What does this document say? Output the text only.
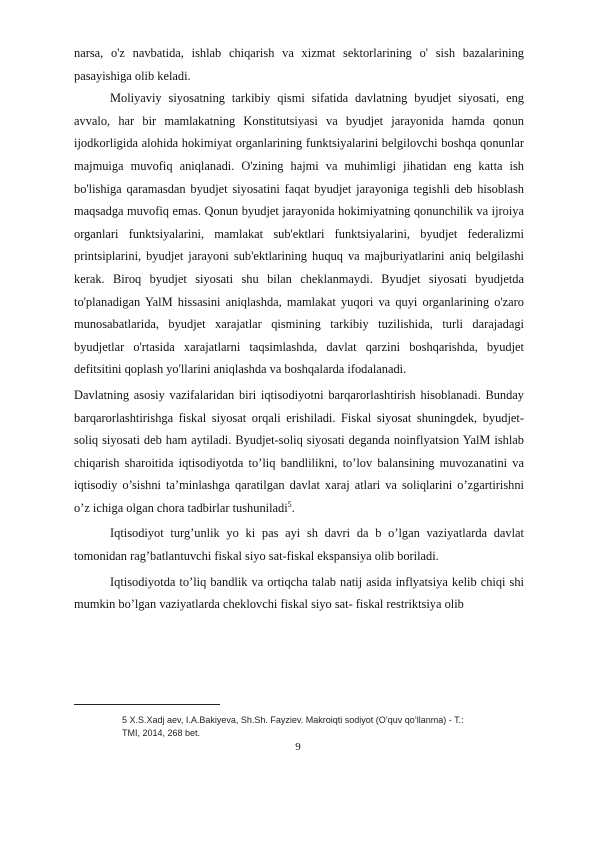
narsa, o'z navbatida, ishlab chiqarish va xizmat sektorlarining o' sish bazalarining pasayishiga olib keladi.

Moliyaviy siyosatning tarkibiy qismi sifatida davlatning byudjet siyosati, eng avvalo, har bir mamlakatning Konstitutsiyasi va byudjet jarayonida hamda qonun ijodkorligida alohida hokimiyat organlarining funktsiyalarini belgilovchi boshqa qonunlar majmuiga muvofiq aniqlanadi. O'zining hajmi va muhimligi jihatidan eng katta ish bo'lishiga qaramasdan byudjet siyosatini faqat byudjet jarayoniga tegishli deb hisoblash maqsadga muvofiq emas. Qonun byudjet jarayonida hokimiyatning qonunchilik va ijroiya organlari funktsiyalarini, mamlakat sub'ektlari funktsiyalarini, byudjet federalizmi printsiplarini, byudjet jarayoni sub'ektlarining huquq va majburiyatlarini aniq belgilashi kerak. Biroq byudjet siyosati shu bilan cheklanmaydi. Byudjet siyosati byudjetda to'planadigan YalM hissasini aniqlashda, mamlakat yuqori va quyi organlarining o'zaro munosabatlarida, byudjet xarajatlar qismining tarkibiy tuzilishida, turli darajadagi byudjetlar o'rtasida xarajatlarni taqsimlashda, davlat qarzini boshqarishda, byudjet defitsitini qoplash yo'llarini aniqlashda va boshqalarda ifodalanadi.

Davlatning asosiy vazifalaridan biri iqtisodiyotni barqarorlashtirish hisoblanadi. Bunday barqarorlashtirishga fiskal siyosat orqali erishiladi. Fiskal siyosat shuningdek, byudjet-soliq siyosati deb ham aytiladi. Byudjet-soliq siyosati deganda noinflyatsion YalM ishlab chiqarish sharoitida iqtisodiyotda to’liq bandlilikni, to’lov balansining muvozanatini va iqtisodiy o’sishni ta’minlashga qaratilgan davlat xaraj atlari va soliqlarini o’zgartirishni o’z ichiga olgan chora tadbirlar tushuniladi$^5$.

Iqtisodiyot turg’unlik yo ki pas ayi sh davri da b o’lgan vaziyatlarda davlat tomonidan rag’batlantuvchi fiskal siyo sat-fiskal ekspansiya olib boriladi.

Iqtisodiyotda to’liq bandlik va ortiqcha talab natij asida inflyatsiya kelib chiqi shi mumkin bo’lgan vaziyatlarda cheklovchi fiskal siyo sat- fiskal restriktsiya olib

5 X.S.Xadj aev, I.A.Bakiyeva, Sh.Sh. Fayziev. Makroiqti sodiyot (O’quv qo’llanma) - T.:
TMI, 2014, 268 bet.
9
